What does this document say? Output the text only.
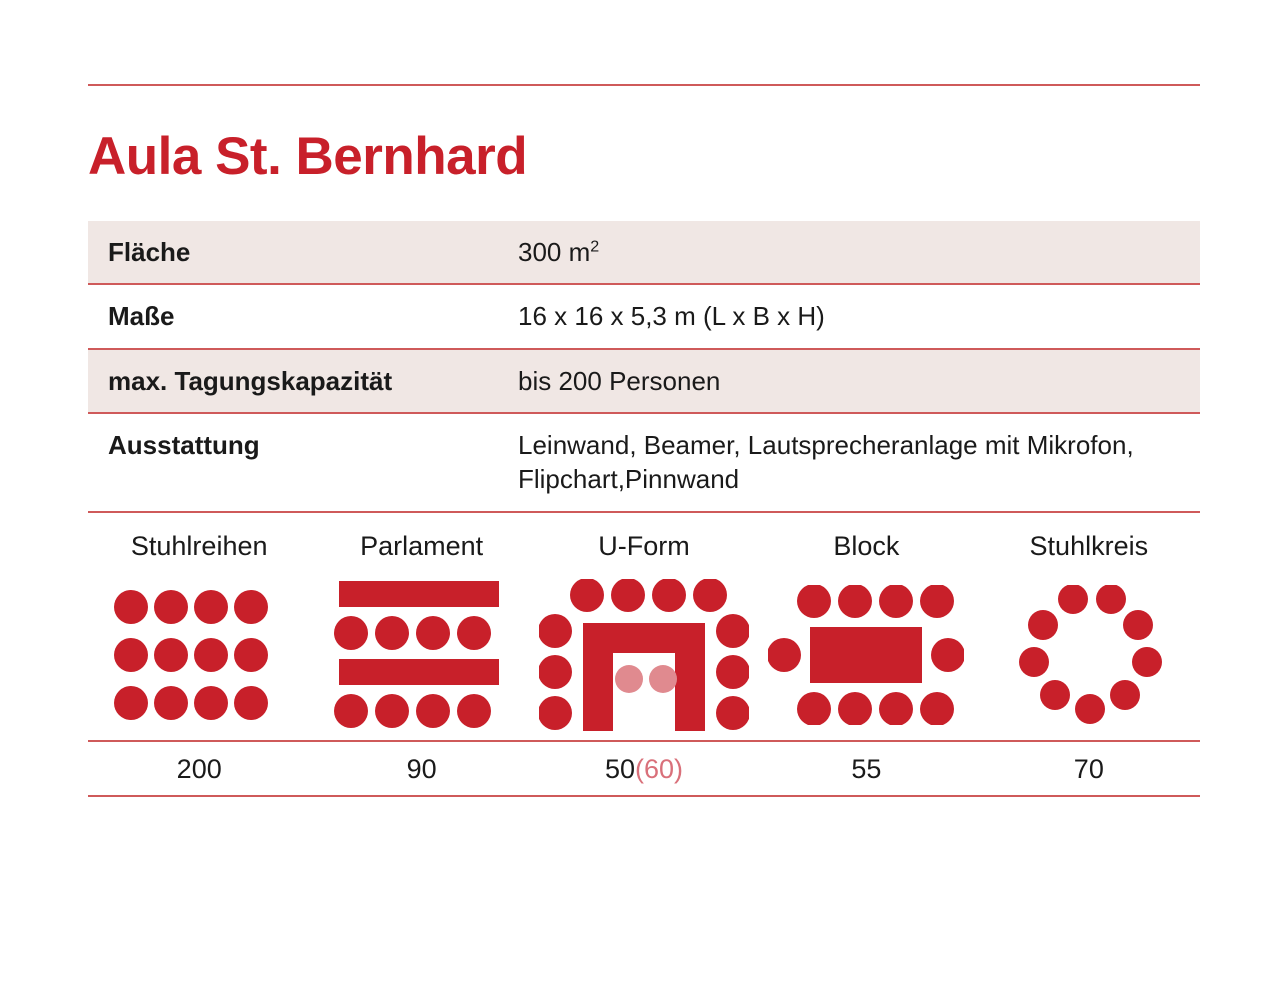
Aula St. Bernhard
Fläche	300 $m^2$
Maße	16 x 16 x 5,3 m (L x B x H)
max. Tagungskapazität	bis 200 Personen
Ausstattung	Leinwand, Beamer, Lautsprecheranlage mit Mikrofon, Flipchart,Pinnwand
Stuhlreihen	Parlament	U-Form	Block	Stuhlkreis
200	90	50(60)	55	70
